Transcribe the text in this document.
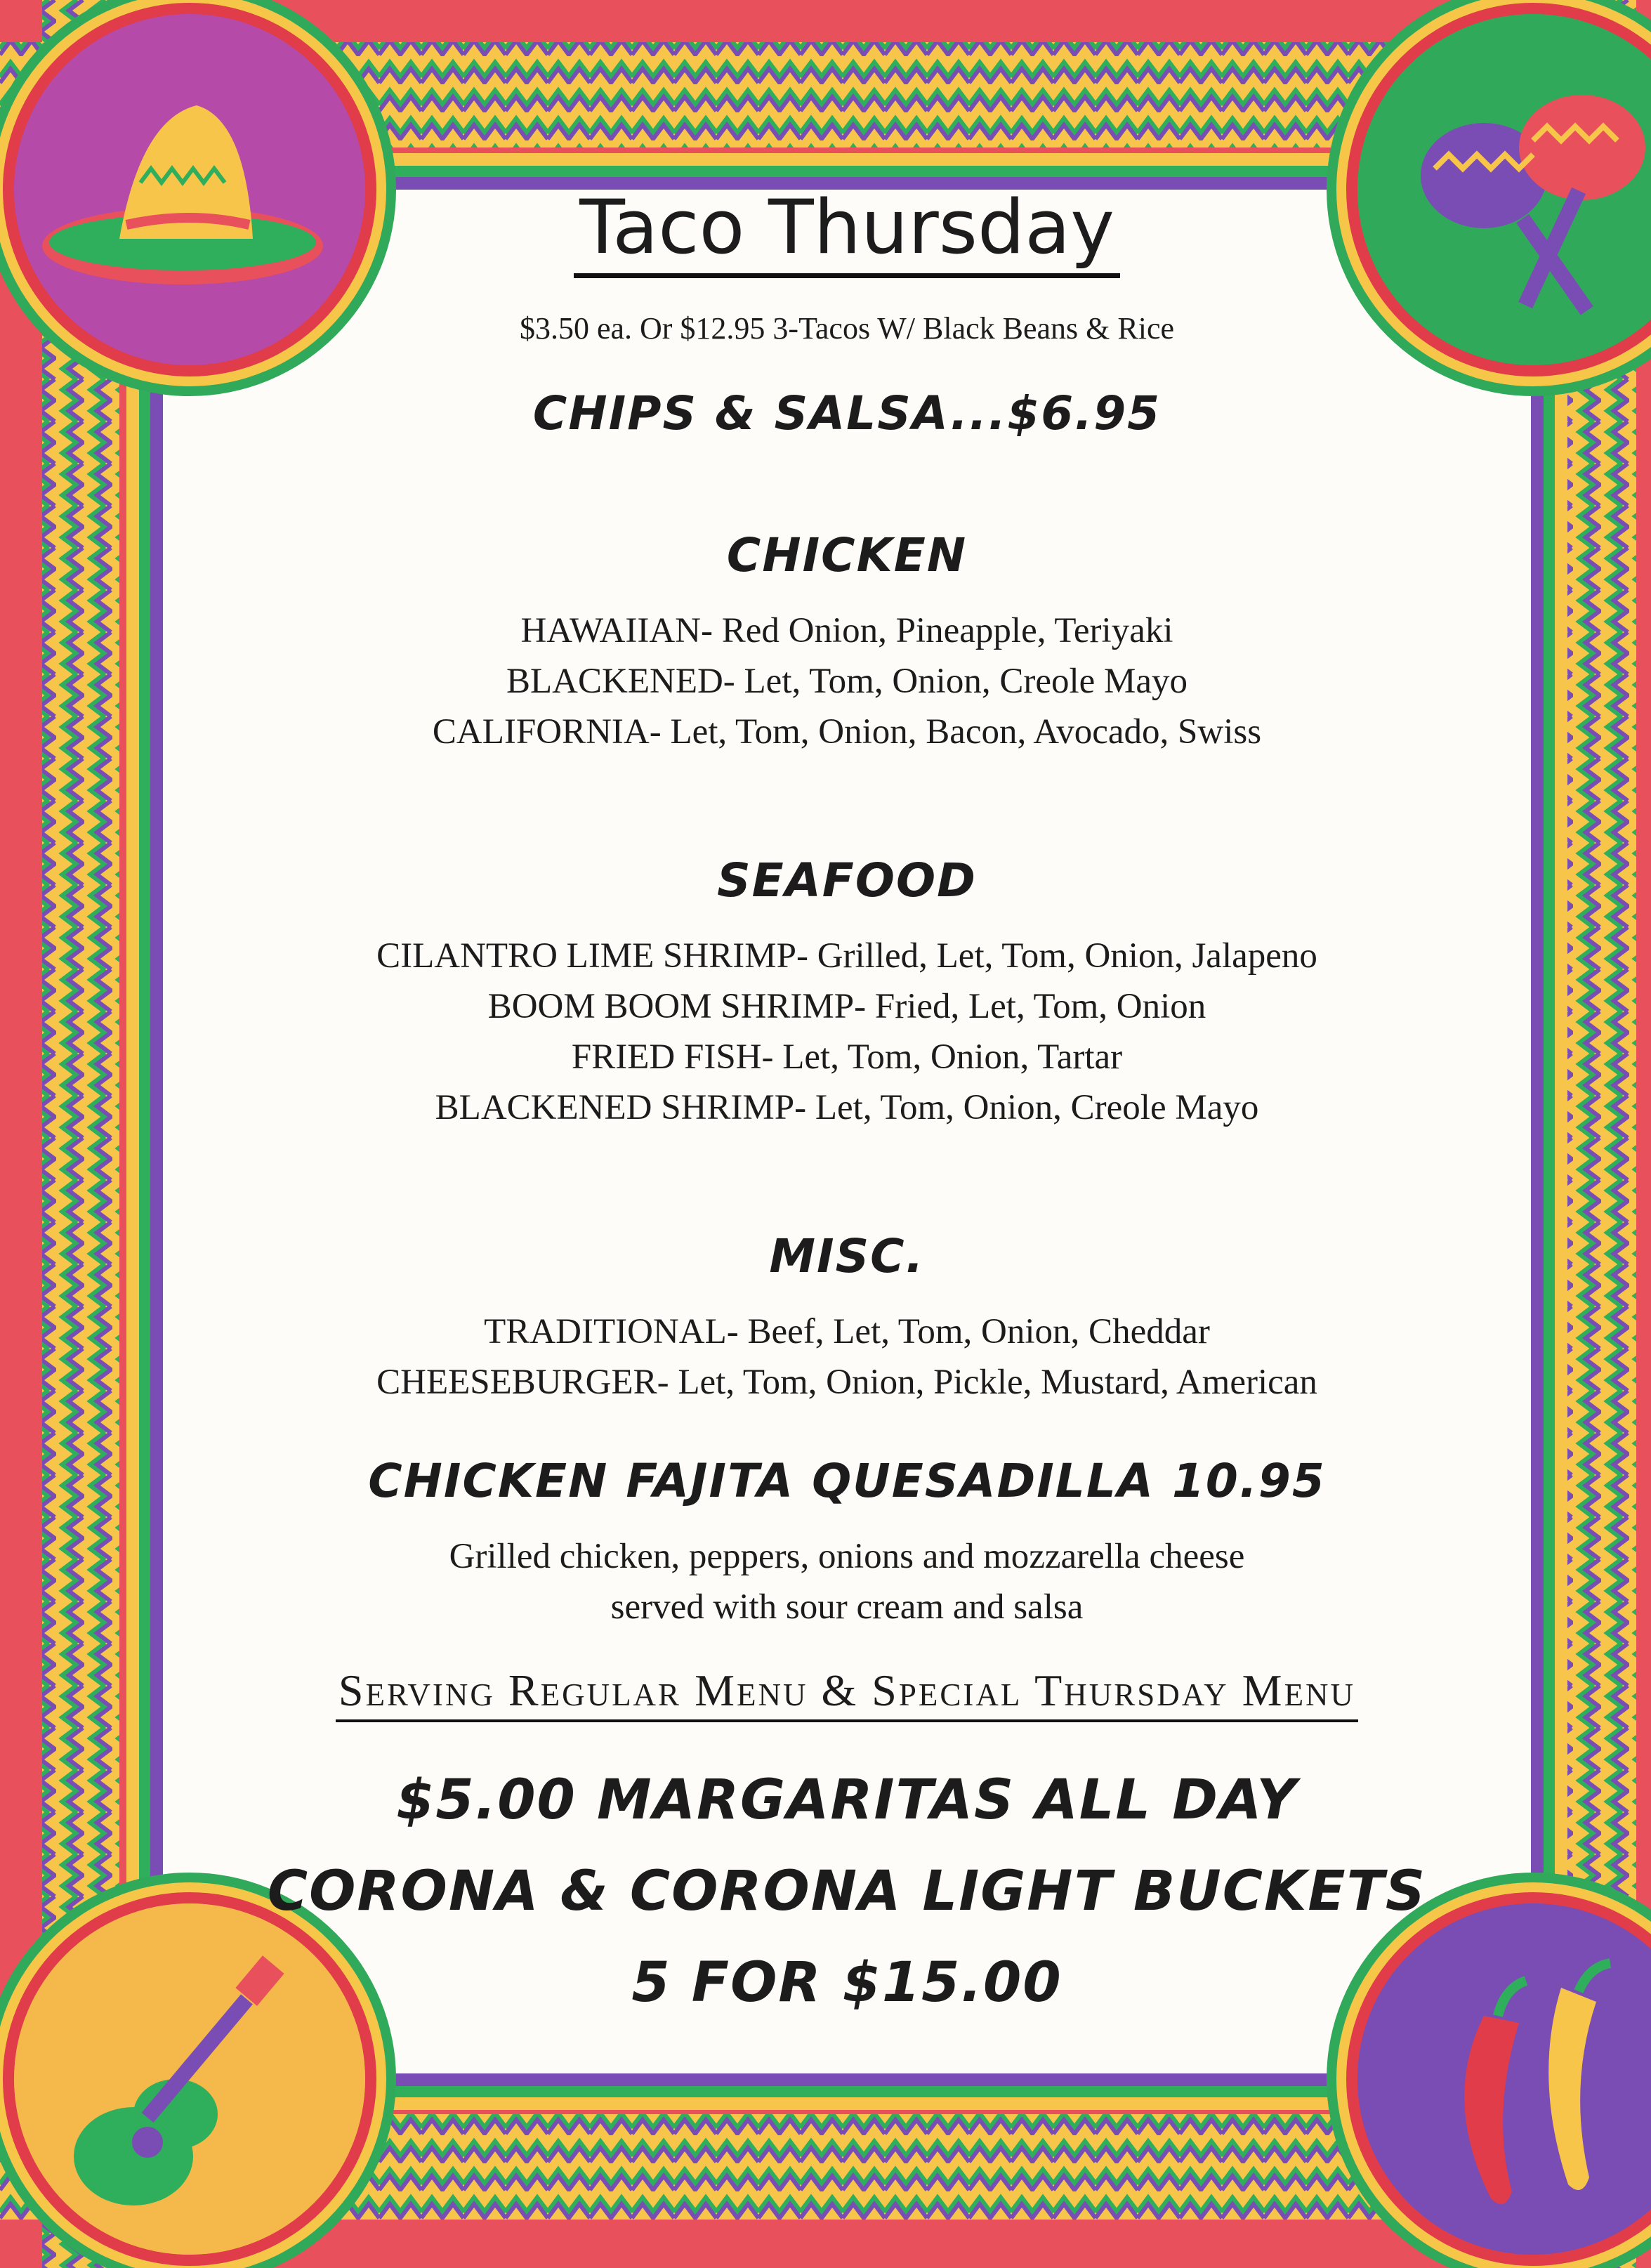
Taco Thursday
$3.50 ea. Or $12.95 3-Tacos W/ Black Beans & Rice
CHIPS & SALSA...$6.95
CHICKEN
HAWAIIAN- Red Onion, Pineapple, Teriyaki
BLACKENED- Let, Tom, Onion, Creole Mayo
CALIFORNIA- Let, Tom, Onion, Bacon, Avocado, Swiss
SEAFOOD
CILANTRO LIME SHRIMP- Grilled, Let, Tom, Onion, Jalapeno
BOOM BOOM SHRIMP- Fried, Let, Tom, Onion
FRIED FISH- Let, Tom, Onion, Tartar
BLACKENED SHRIMP- Let, Tom, Onion, Creole Mayo
MISC.
TRADITIONAL- Beef, Let, Tom, Onion, Cheddar
CHEESEBURGER- Let, Tom, Onion, Pickle, Mustard, American
CHICKEN FAJITA QUESADILLA 10.95
Grilled chicken, peppers, onions and mozzarella cheese
served with sour cream and salsa
Serving Regular Menu & Special Thursday Menu
$5.00 MARGARITAS ALL DAY
CORONA & CORONA LIGHT BUCKETS
5 FOR $15.00
